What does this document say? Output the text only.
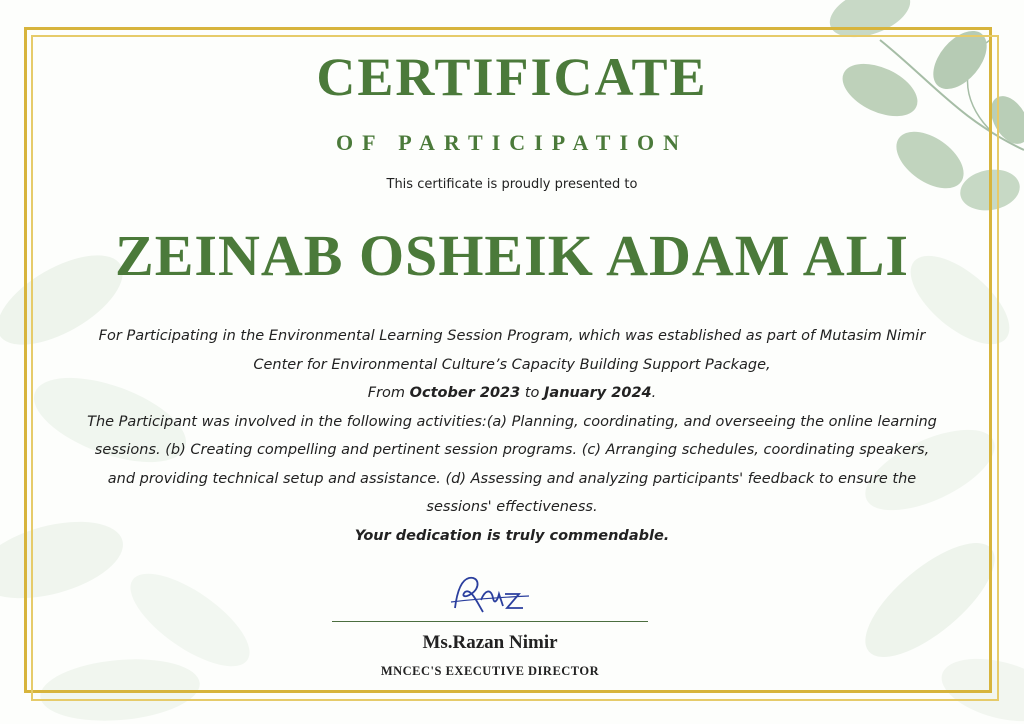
CERTIFICATE
OF PARTICIPATION
This certificate is proudly presented to
ZEINAB OSHEIK ADAM ALI
For Participating in the Environmental Learning Session Program, which was established as part of Mutasim Nimir
Center for Environmental Culture’s Capacity Building Support Package,
From October 2023 to January 2024.
The Participant was involved in the following activities:(a) Planning, coordinating, and overseeing the online learning
sessions. (b) Creating compelling and pertinent session programs. (c) Arranging schedules, coordinating speakers,
and providing technical setup and assistance. (d) Assessing and analyzing participants' feedback to ensure the
sessions' effectiveness.
Your dedication is truly commendable.
Ms.Razan Nimir
MNCEC'S EXECUTIVE DIRECTOR
